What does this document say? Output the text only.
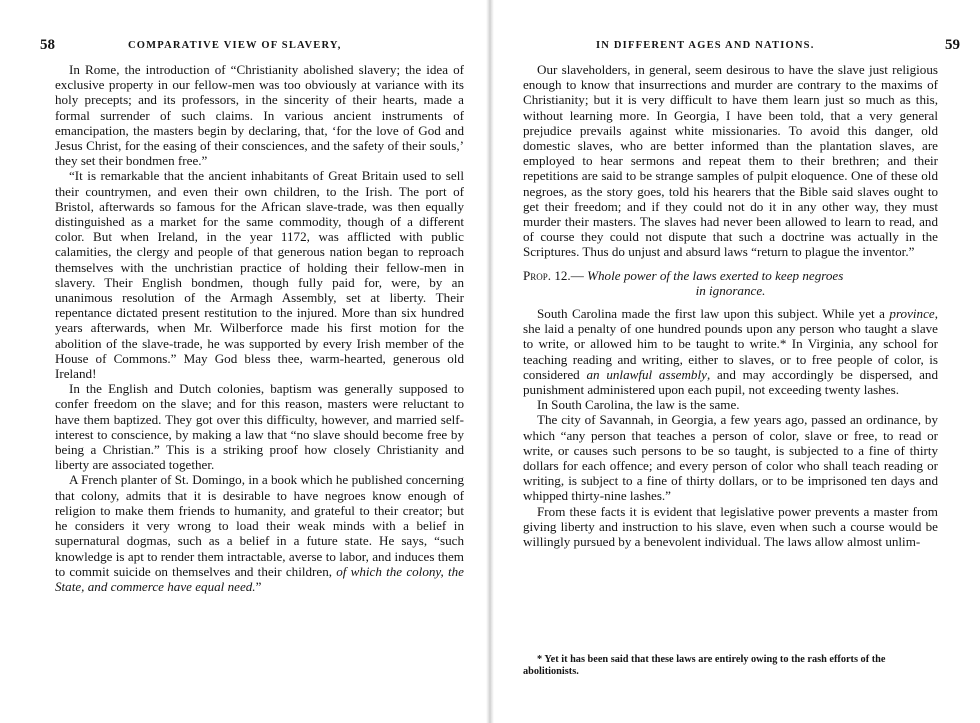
58	COMPARATIVE VIEW OF SLAVERY,

In Rome, the introduction of “Christianity abolished slavery; the idea of exclusive property in our fellow-men was too obviously at variance with its holy precepts; and its professors, in the sincerity of their hearts, made a formal surrender of such claims. In various ancient instruments of emancipation, the masters begin by declaring, that, ‘for the love of God and Jesus Christ, for the easing of their consciences, and the safety of their souls,’ they set their bondmen free.”

“It is remarkable that the ancient inhabitants of Great Britain used to sell their countrymen, and even their own children, to the Irish. The port of Bristol, afterwards so famous for the African slave-trade, was then equally distinguished as a market for the same commodity, though of a different color. But when Ireland, in the year 1172, was afflicted with public calamities, the clergy and people of that generous nation began to reproach themselves with the unchristian practice of holding their fellow-men in slavery. Their English bondmen, though fully paid for, were, by an unanimous resolution of the Armagh Assembly, set at liberty. Their repentance dictated present restitution to the injured. More than six hundred years afterwards, when Mr. Wilberforce made his first motion for the abolition of the slave-trade, he was supported by every Irish member of the House of Commons.” May God bless thee, warm-hearted, generous old Ireland!

In the English and Dutch colonies, baptism was generally supposed to confer freedom on the slave; and for this reason, masters were reluctant to have them baptized. They got over this difficulty, however, and married self-interest to conscience, by making a law that “no slave should become free by being a Christian.” This is a striking proof how closely Christianity and liberty are associated together.

A French planter of St. Domingo, in a book which he published concerning that colony, admits that it is desirable to have negroes know enough of religion to make them friends to humanity, and grateful to their creator; but he considers it very wrong to load their weak minds with a belief in supernatural dogmas, such as a belief in a future state. He says, “such knowledge is apt to render them intractable, averse to labor, and induces them to commit suicide on themselves and their children, of which the colony, the State, and commerce have equal need.”

IN DIFFERENT AGES AND NATIONS.	59

Our slaveholders, in general, seem desirous to have the slave just religious enough to know that insurrections and murder are contrary to the maxims of Christianity; but it is very difficult to have them learn just so much as this, without learning more. In Georgia, I have been told, that a very general prejudice prevails against white missionaries. To avoid this danger, old domestic slaves, who are better informed than the plantation slaves, are employed to hear sermons and repeat them to their brethren; and their repetitions are said to be strange samples of pulpit eloquence. One of these old negroes, as the story goes, told his hearers that the Bible said slaves ought to get their freedom; and if they could not do it in any other way, they must murder their masters. The slaves had never been allowed to learn to read, and of course they could not dispute that such a doctrine was actually in the Scriptures. Thus do unjust and absurd laws “return to plague the inventor.”

Prop. 12.— Whole power of the laws exerted to keep negroes
in ignorance.

South Carolina made the first law upon this subject. While yet a province, she laid a penalty of one hundred pounds upon any person who taught a slave to write, or allowed him to be taught to write.* In Virginia, any school for teaching reading and writing, either to slaves, or to free people of color, is considered an unlawful assembly, and may accordingly be dispersed, and punishment administered upon each pupil, not exceeding twenty lashes.

In South Carolina, the law is the same.

The city of Savannah, in Georgia, a few years ago, passed an ordinance, by which “any person that teaches a person of color, slave or free, to read or write, or causes such persons to be so taught, is subjected to a fine of thirty dollars for each offence; and every person of color who shall teach reading or writing, is subject to a fine of thirty dollars, or to be imprisoned ten days and whipped thirty-nine lashes.”

From these facts it is evident that legislative power prevents a master from giving liberty and instruction to his slave, even when such a course would be willingly pursued by a benevolent individual. The laws allow almost unlim-

* Yet it has been said that these laws are entirely owing to the rash efforts of the abolitionists.
